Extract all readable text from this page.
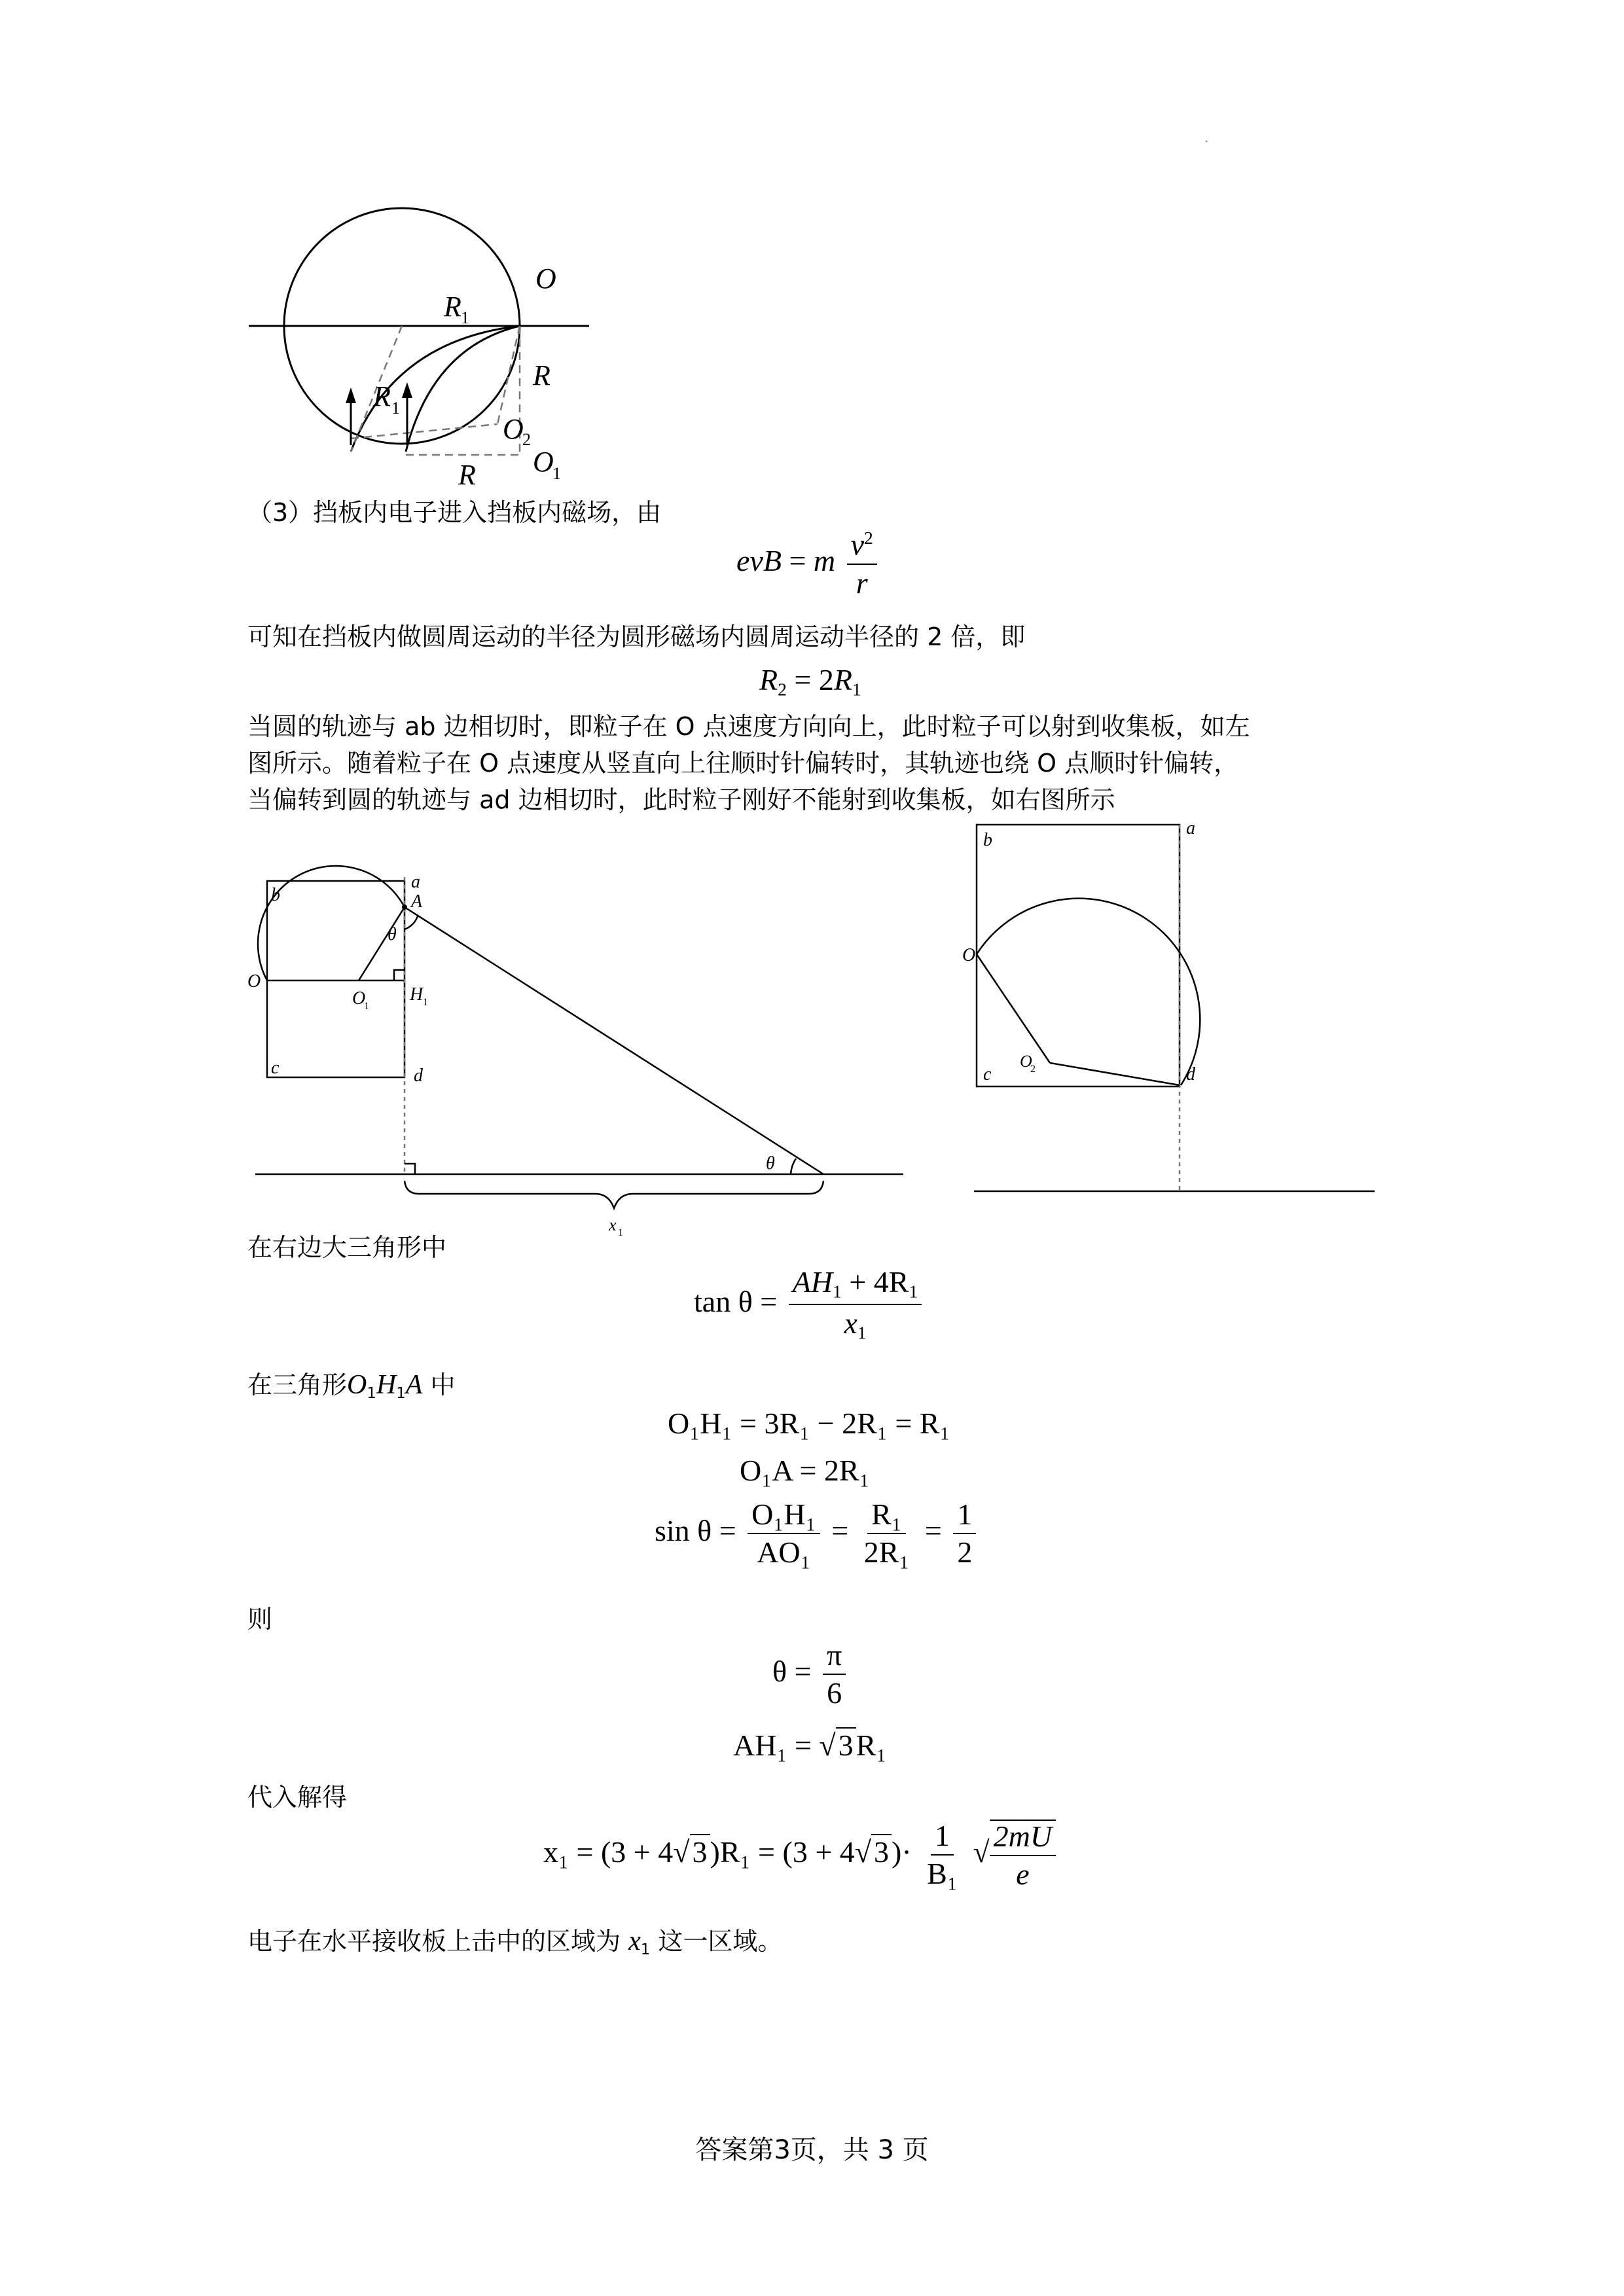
.
O
R 1
R 1
R
R
O
2
O
1
（3）挡板内电子进入挡板内磁场，由
evB = m $\frac{v^2}{r}$
可知在挡板内做圆周运动的半径为圆形磁场内圆周运动半径的 2 倍，即
$R_2 = 2R_1$
当圆的轨迹与 ab 边相切时，即粒子在 O 点速度方向向上，此时粒子可以射到收集板，如左
图所示。随着粒子在 O 点速度从竖直向上往顺时针偏转时，其轨迹也绕 O 点顺时针偏转，
当偏转到圆的轨迹与 ad 边相切时，此时粒子刚好不能射到收集板，如右图所示
a
A
b
θ
O
O
1
H 1
c	d
θ
x 1
a
b
O
c
O
2	d
在右边大三角形中
$\tan \theta = \frac{AH_1 + 4R_1}{x_1}$
在三角形$O_1H_1A$ 中
O₁H₁ = 3R₁ − 2R₁ = R₁
O₁A = 2R₁
$\sin \theta = \frac{\text{O₁H₁}}{\text{AO₁}} = \frac{\text{R₁}}{\text{2R₁}} = \frac{1}{2}$
则
$\theta = \frac{\pi}{6}$
AH₁ = √3R₁
代入解得
$x_1 = (3 + 4√3)R_1 = (3 + 4√3)\cdot \frac{1}{\text{B₁}}$ √ $\frac{2mU}{e}$
电子在水平接收板上击中的区域为 $x_1$ 这一区域。
答案第3页，共 3 页
